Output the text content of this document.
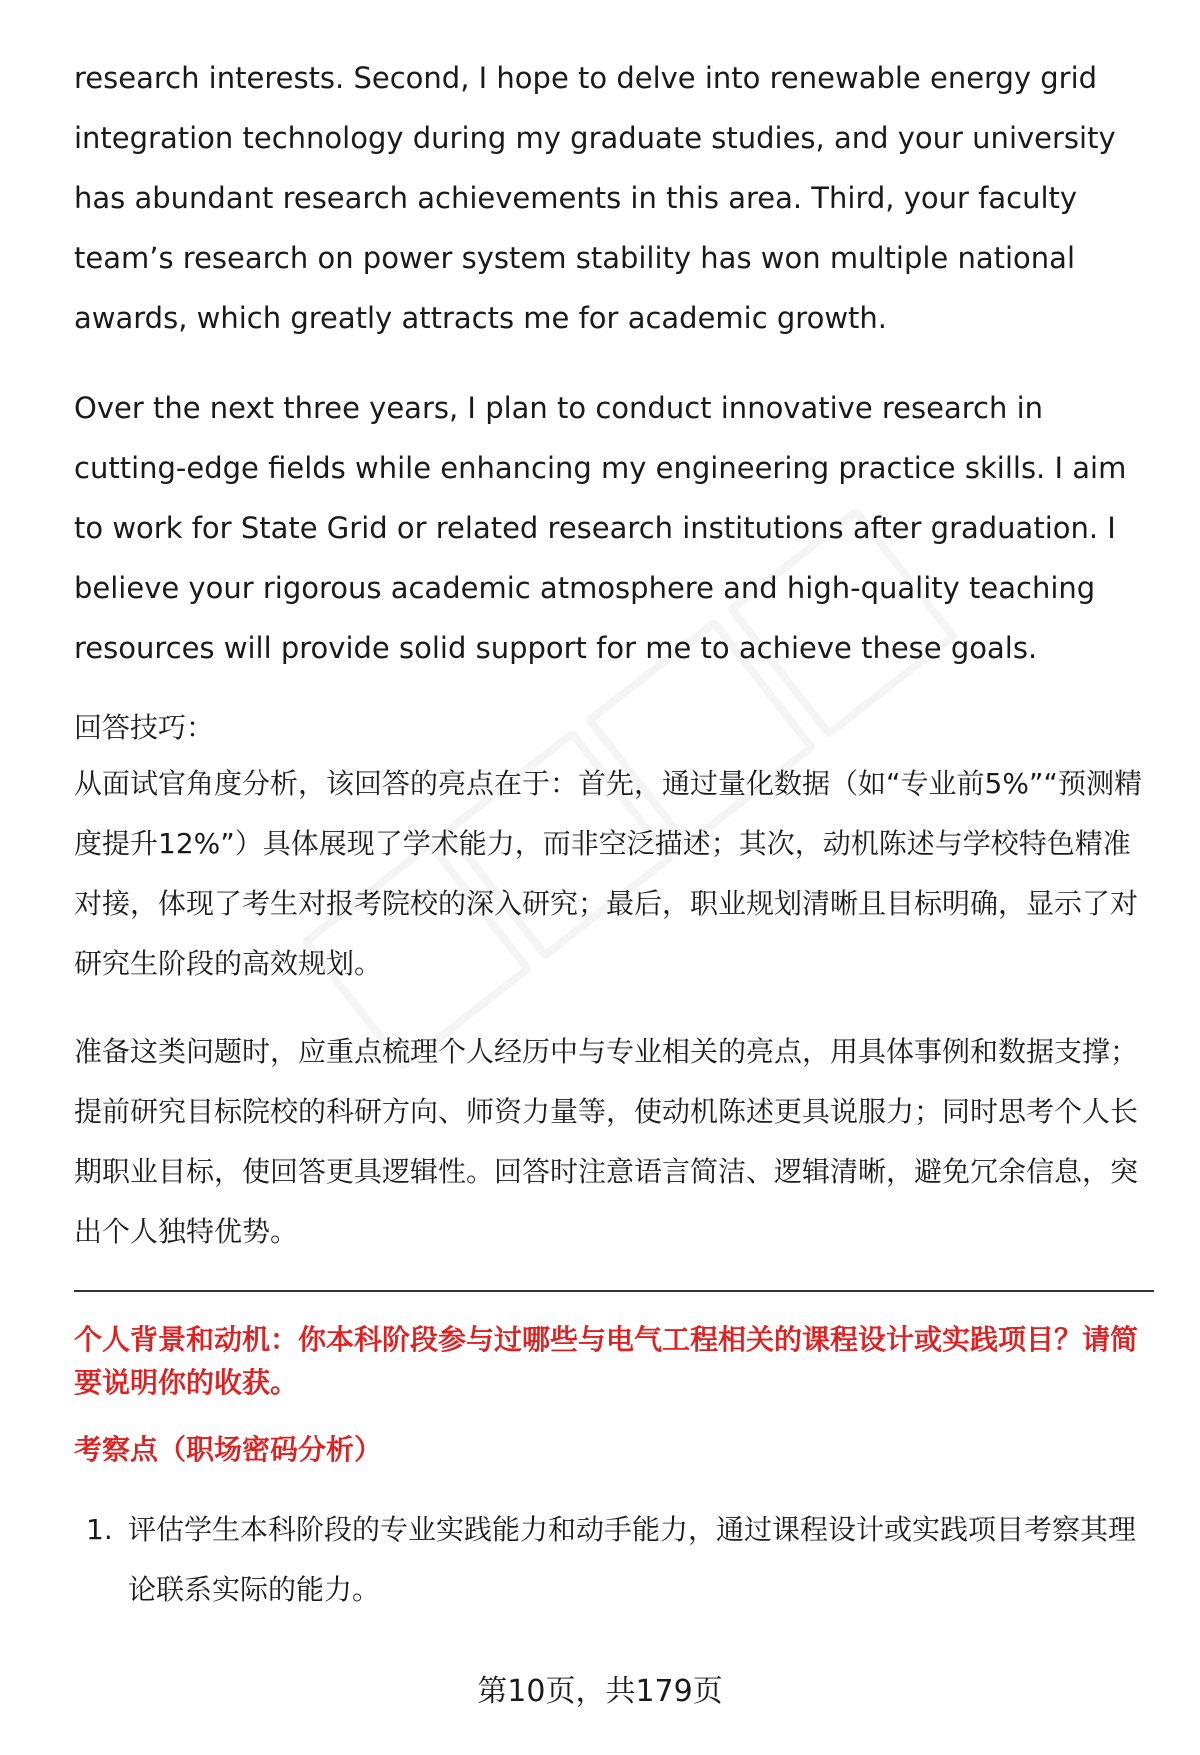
research interests. Second, I hope to delve into renewable energy grid integration technology during my graduate studies, and your university has abundant research achievements in this area. Third, your faculty team’s research on power system stability has won multiple national awards, which greatly attracts me for academic growth.

Over the next three years, I plan to conduct innovative research in cutting-edge fields while enhancing my engineering practice skills. I aim to work for State Grid or related research institutions after graduation. I believe your rigorous academic atmosphere and high-quality teaching resources will provide solid support for me to achieve these goals.

回答技巧：

从面试官角度分析，该回答的亮点在于：首先，通过量化数据（如“专业前5%”“预测精度提升12%”）具体展现了学术能力，而非空泛描述；其次，动机陈述与学校特色精准对接，体现了考生对报考院校的深入研究；最后，职业规划清晰且目标明确，显示了对研究生阶段的高效规划。

准备这类问题时，应重点梳理个人经历中与专业相关的亮点，用具体事例和数据支撑；提前研究目标院校的科研方向、师资力量等，使动机陈述更具说服力；同时思考个人长期职业目标，使回答更具逻辑性。回答时注意语言简洁、逻辑清晰，避免冗余信息，突出个人独特优势。

个人背景和动机：你本科阶段参与过哪些与电气工程相关的课程设计或实践项目？请简要说明你的收获。

考察点（职场密码分析）

1. 评估学生本科阶段的专业实践能力和动手能力，通过课程设计或实践项目考察其理论联系实际的能力。
第10页，共179页
